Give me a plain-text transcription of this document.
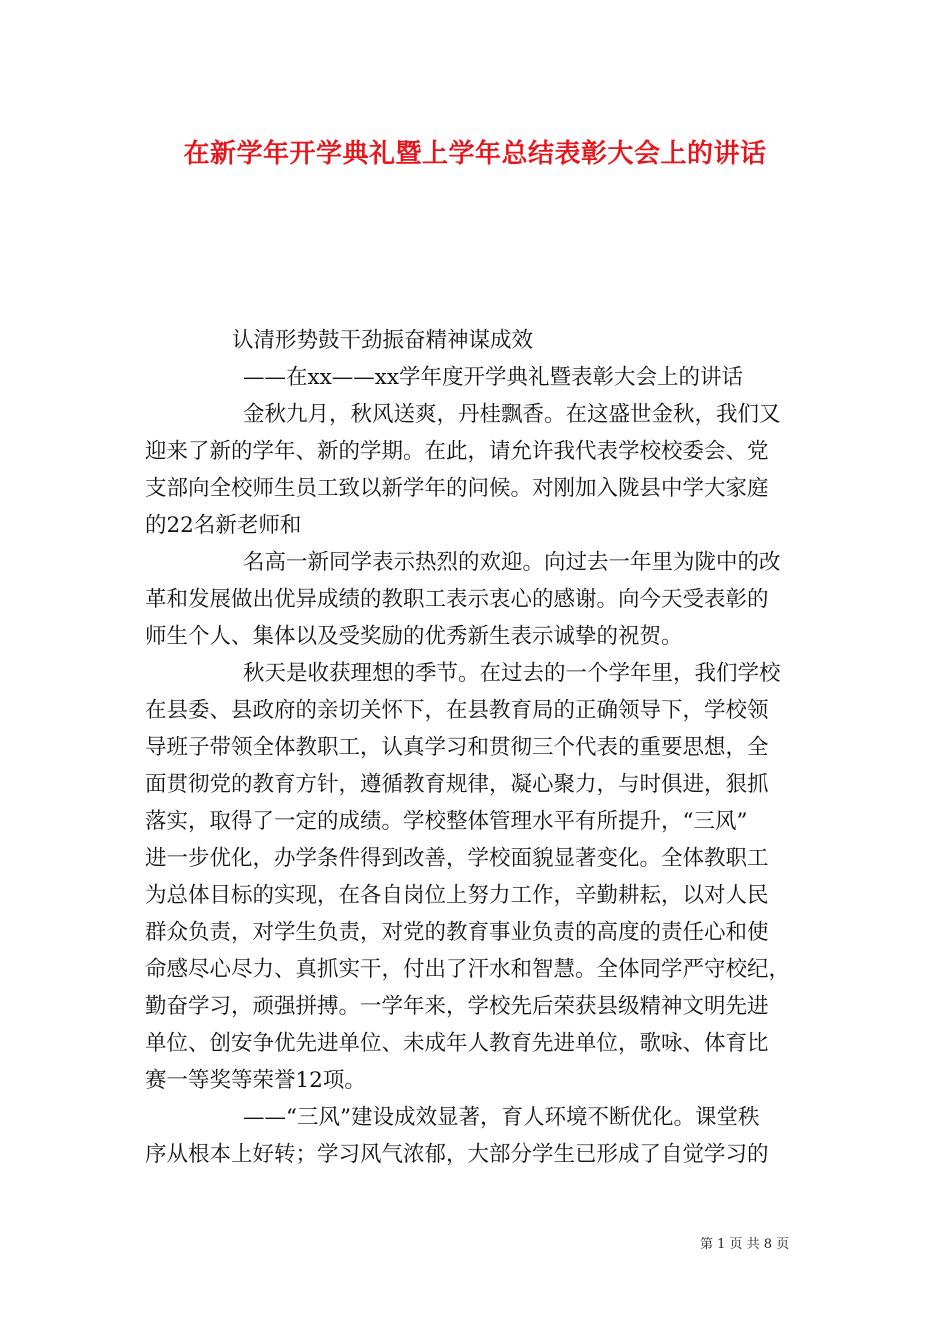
在新学年开学典礼暨上学年总结表彰大会上的讲话
认清形势鼓干劲振奋精神谋成效
——在xx——xx学年度开学典礼暨表彰大会上的讲话
金秋九月，秋风送爽，丹桂飘香。在这盛世金秋，我们又
迎来了新的学年、新的学期。在此，请允许我代表学校校委会、党
支部向全校师生员工致以新学年的问候。对刚加入陇县中学大家庭
的22名新老师和
名高一新同学表示热烈的欢迎。向过去一年里为陇中的改
革和发展做出优异成绩的教职工表示衷心的感谢。向今天受表彰的
师生个人、集体以及受奖励的优秀新生表示诚挚的祝贺。
秋天是收获理想的季节。在过去的一个学年里，我们学校
在县委、县政府的亲切关怀下，在县教育局的正确领导下，学校领
导班子带领全体教职工，认真学习和贯彻三个代表的重要思想，全
面贯彻党的教育方针，遵循教育规律，凝心聚力，与时俱进，狠抓
落实，取得了一定的成绩。学校整体管理水平有所提升，“三风”
进一步优化，办学条件得到改善，学校面貌显著变化。全体教职工
为总体目标的实现，在各自岗位上努力工作，辛勤耕耘，以对人民
群众负责，对学生负责，对党的教育事业负责的高度的责任心和使
命感尽心尽力、真抓实干，付出了汗水和智慧。全体同学严守校纪，
勤奋学习，顽强拼搏。一学年来，学校先后荣获县级精神文明先进
单位、创安争优先进单位、未成年人教育先进单位，歌咏、体育比
赛一等奖等荣誉12项。
——“三风”建设成效显著，育人环境不断优化。课堂秩
序从根本上好转；学习风气浓郁，大部分学生已形成了自觉学习的
第 1 页 共 8 页
